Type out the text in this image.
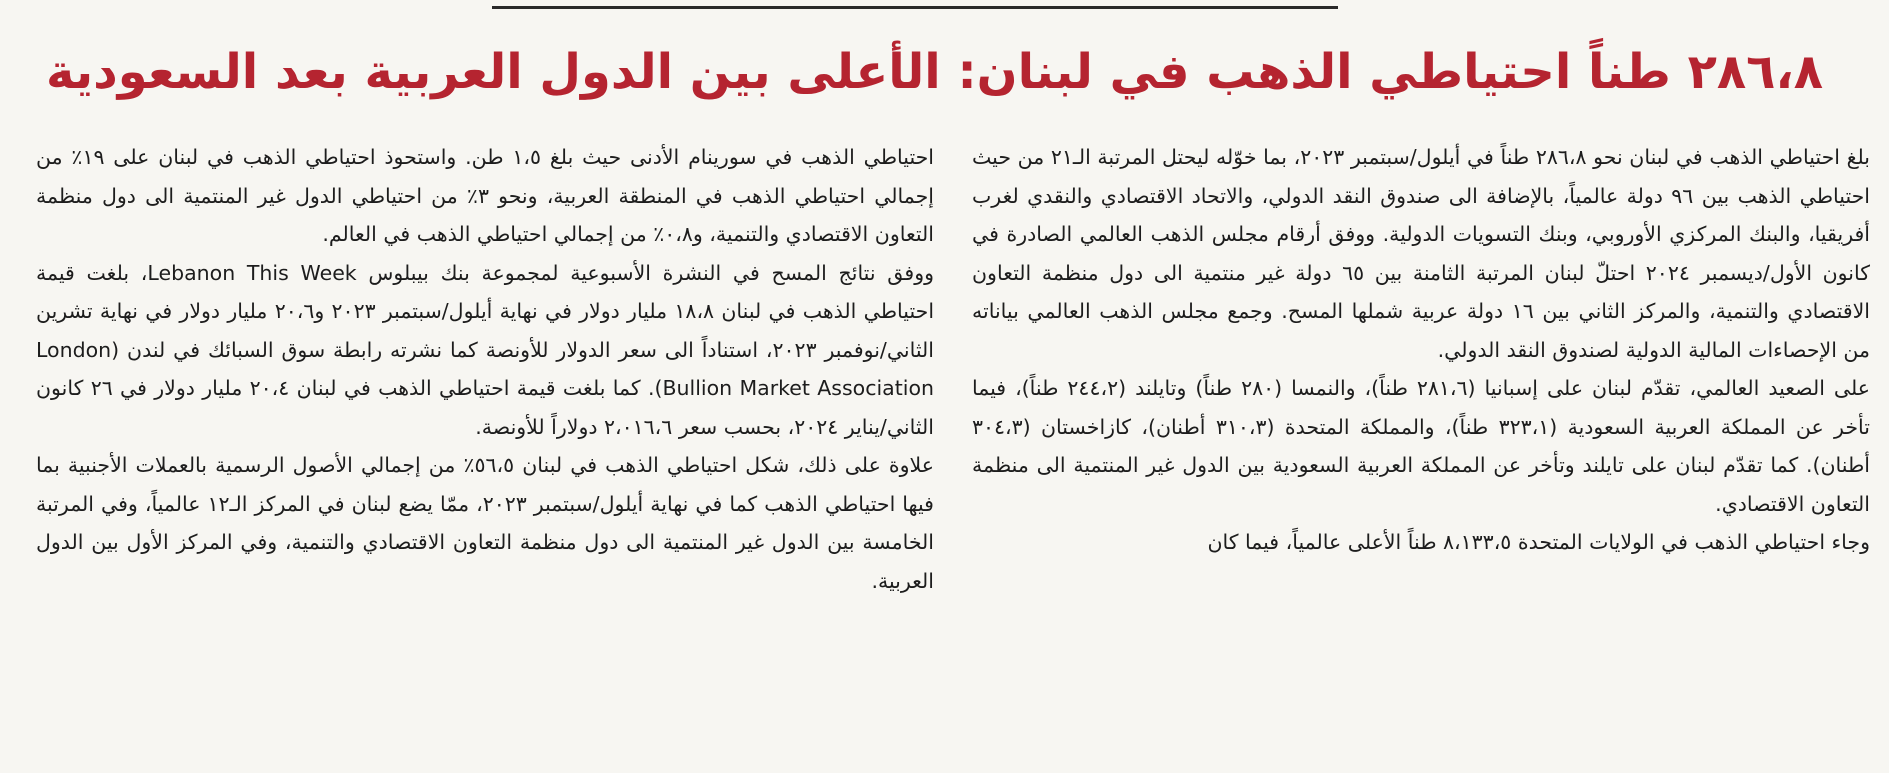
٢٨٦،٨ طناً احتياطي الذهب في لبنان: الأعلى بين الدول العربية بعد السعودية

بلغ احتياطي الذهب في لبنان نحو ٢٨٦،٨ طناً في أيلول/سبتمبر ٢٠٢٣، بما خوّله ليحتل المرتبة الـ٢١ من حيث احتياطي الذهب بين ٩٦ دولة عالمياً، بالإضافة الى صندوق النقد الدولي، والاتحاد الاقتصادي والنقدي لغرب أفريقيا، والبنك المركزي الأوروبي، وبنك التسويات الدولية. ووفق أرقام مجلس الذهب العالمي الصادرة في كانون الأول/ديسمبر ٢٠٢٤ احتلّ لبنان المرتبة الثامنة بين ٦٥ دولة غير منتمية الى دول منظمة التعاون الاقتصادي والتنمية، والمركز الثاني بين ١٦ دولة عربية شملها المسح. وجمع مجلس الذهب العالمي بياناته من الإحصاءات المالية الدولية لصندوق النقد الدولي.

على الصعيد العالمي، تقدّم لبنان على إسبانيا (٢٨١،٦ طناً)، والنمسا (٢٨٠ طناً) وتايلند (٢٤٤،٢ طناً)، فيما تأخر عن المملكة العربية السعودية (٣٢٣،١ طناً)، والمملكة المتحدة (٣١٠،٣ أطنان)، كازاخستان (٣٠٤،٣ أطنان). كما تقدّم لبنان على تايلند وتأخر عن المملكة العربية السعودية بين الدول غير المنتمية الى منظمة التعاون الاقتصادي.

وجاء احتياطي الذهب في الولايات المتحدة ٨،١٣٣،٥ طناً الأعلى عالمياً، فيما كان

احتياطي الذهب في سورينام الأدنى حيث بلغ ١،٥ طن. واستحوذ احتياطي الذهب في لبنان على ١٩٪ من إجمالي احتياطي الذهب في المنطقة العربية، ونحو ٣٪ من احتياطي الدول غير المنتمية الى دول منظمة التعاون الاقتصادي والتنمية، و٠،٨٪ من إجمالي احتياطي الذهب في العالم.

ووفق نتائج المسح في النشرة الأسبوعية لمجموعة بنك بيبلوس Lebanon This Week، بلغت قيمة احتياطي الذهب في لبنان ١٨،٨ مليار دولار في نهاية أيلول/سبتمبر ٢٠٢٣ و٢٠،٦ مليار دولار في نهاية تشرين الثاني/نوفمبر ٢٠٢٣، استناداً الى سعر الدولار للأونصة كما نشرته رابطة سوق السبائك في لندن (London Bullion Market Association). كما بلغت قيمة احتياطي الذهب في لبنان ٢٠،٤ مليار دولار في ٢٦ كانون الثاني/يناير ٢٠٢٤، بحسب سعر ٢،٠١٦،٦ دولاراً للأونصة.

علاوة على ذلك، شكل احتياطي الذهب في لبنان ٥٦،٥٪ من إجمالي الأصول الرسمية بالعملات الأجنبية بما فيها احتياطي الذهب كما في نهاية أيلول/سبتمبر ٢٠٢٣، ممّا يضع لبنان في المركز الـ١٢ عالمياً، وفي المرتبة الخامسة بين الدول غير المنتمية الى دول منظمة التعاون الاقتصادي والتنمية، وفي المركز الأول بين الدول العربية.
